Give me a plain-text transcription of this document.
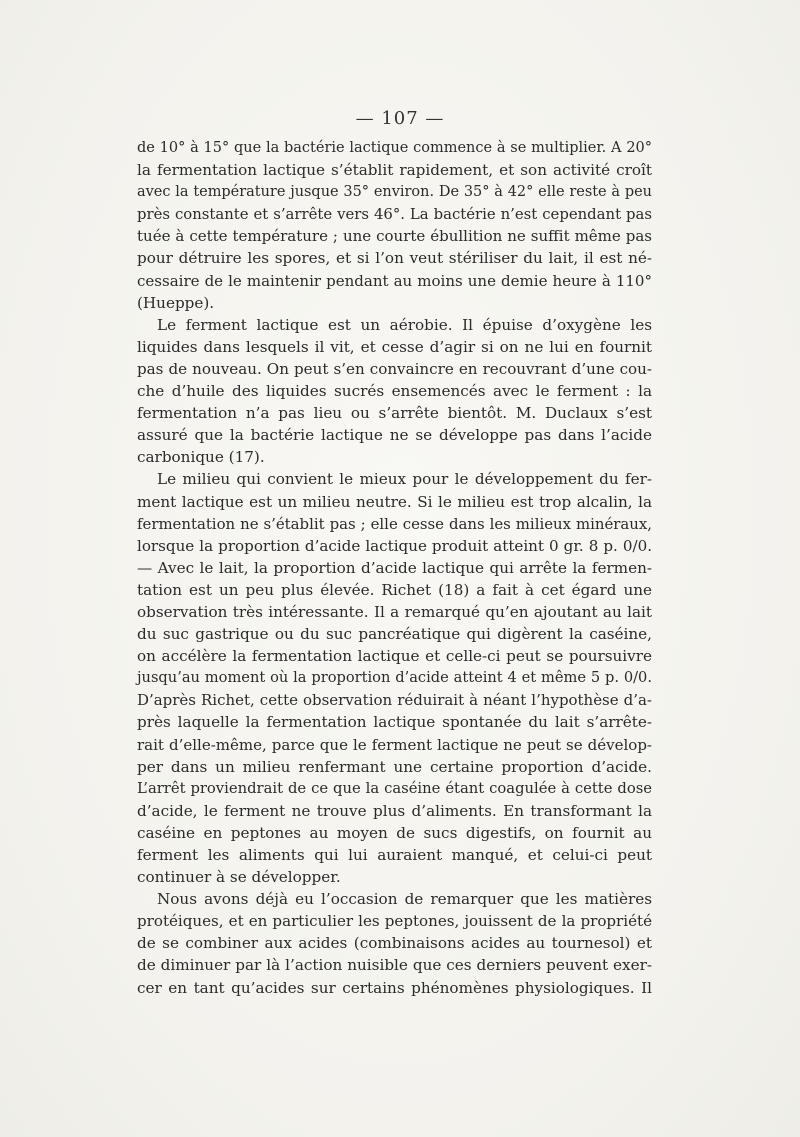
— 107 —
de 10° à 15° que la bactérie lactique commence à se multiplier. A 20°
la fermentation lactique s’établit rapidement, et son activité croît
avec la température jusque 35° environ. De 35° à 42° elle reste à peu
près constante et s’arrête vers 46°. La bactérie n’est cependant pas
tuée à cette température ; une courte ébullition ne suffit même pas
pour détruire les spores, et si l’on veut stériliser du lait, il est né-
cessaire de le maintenir pendant au moins une demie heure à 110°
(Hueppe).
Le ferment lactique est un aérobie. Il épuise d’oxygène les
liquides dans lesquels il vit, et cesse d’agir si on ne lui en fournit
pas de nouveau. On peut s’en convaincre en recouvrant d’une cou-
che d’huile des liquides sucrés ensemencés avec le ferment : la
fermentation n’a pas lieu ou s’arrête bientôt. M. Duclaux s’est
assuré que la bactérie lactique ne se développe pas dans l’acide
carbonique (17).
Le milieu qui convient le mieux pour le développement du fer-
ment lactique est un milieu neutre. Si le milieu est trop alcalin, la
fermentation ne s’établit pas ; elle cesse dans les milieux minéraux,
lorsque la proportion d’acide lactique produit atteint 0 gr. 8 p. 0/0.
— Avec le lait, la proportion d’acide lactique qui arrête la fermen-
tation est un peu plus élevée. Richet (18) a fait à cet égard une
observation très intéressante. Il a remarqué qu’en ajoutant au lait
du suc gastrique ou du suc pancréatique qui digèrent la caséine,
on accélère la fermentation lactique et celle-ci peut se poursuivre
jusqu’au moment où la proportion d’acide atteint 4 et même 5 p. 0/0.
D’après Richet, cette observation réduirait à néant l’hypothèse d’a-
près laquelle la fermentation lactique spontanée du lait s’arrête-
rait d’elle-même, parce que le ferment lactique ne peut se dévelop-
per dans un milieu renfermant une certaine proportion d’acide.
L’arrêt proviendrait de ce que la caséine étant coagulée à cette dose
d’acide, le ferment ne trouve plus d’aliments. En transformant la
caséine en peptones au moyen de sucs digestifs, on fournit au
ferment les aliments qui lui auraient manqué, et celui-ci peut
continuer à se développer.
Nous avons déjà eu l’occasion de remarquer que les matières
protéiques, et en particulier les peptones, jouissent de la propriété
de se combiner aux acides (combinaisons acides au tournesol) et
de diminuer par là l’action nuisible que ces derniers peuvent exer-
cer en tant qu’acides sur certains phénomènes physiologiques. Il
